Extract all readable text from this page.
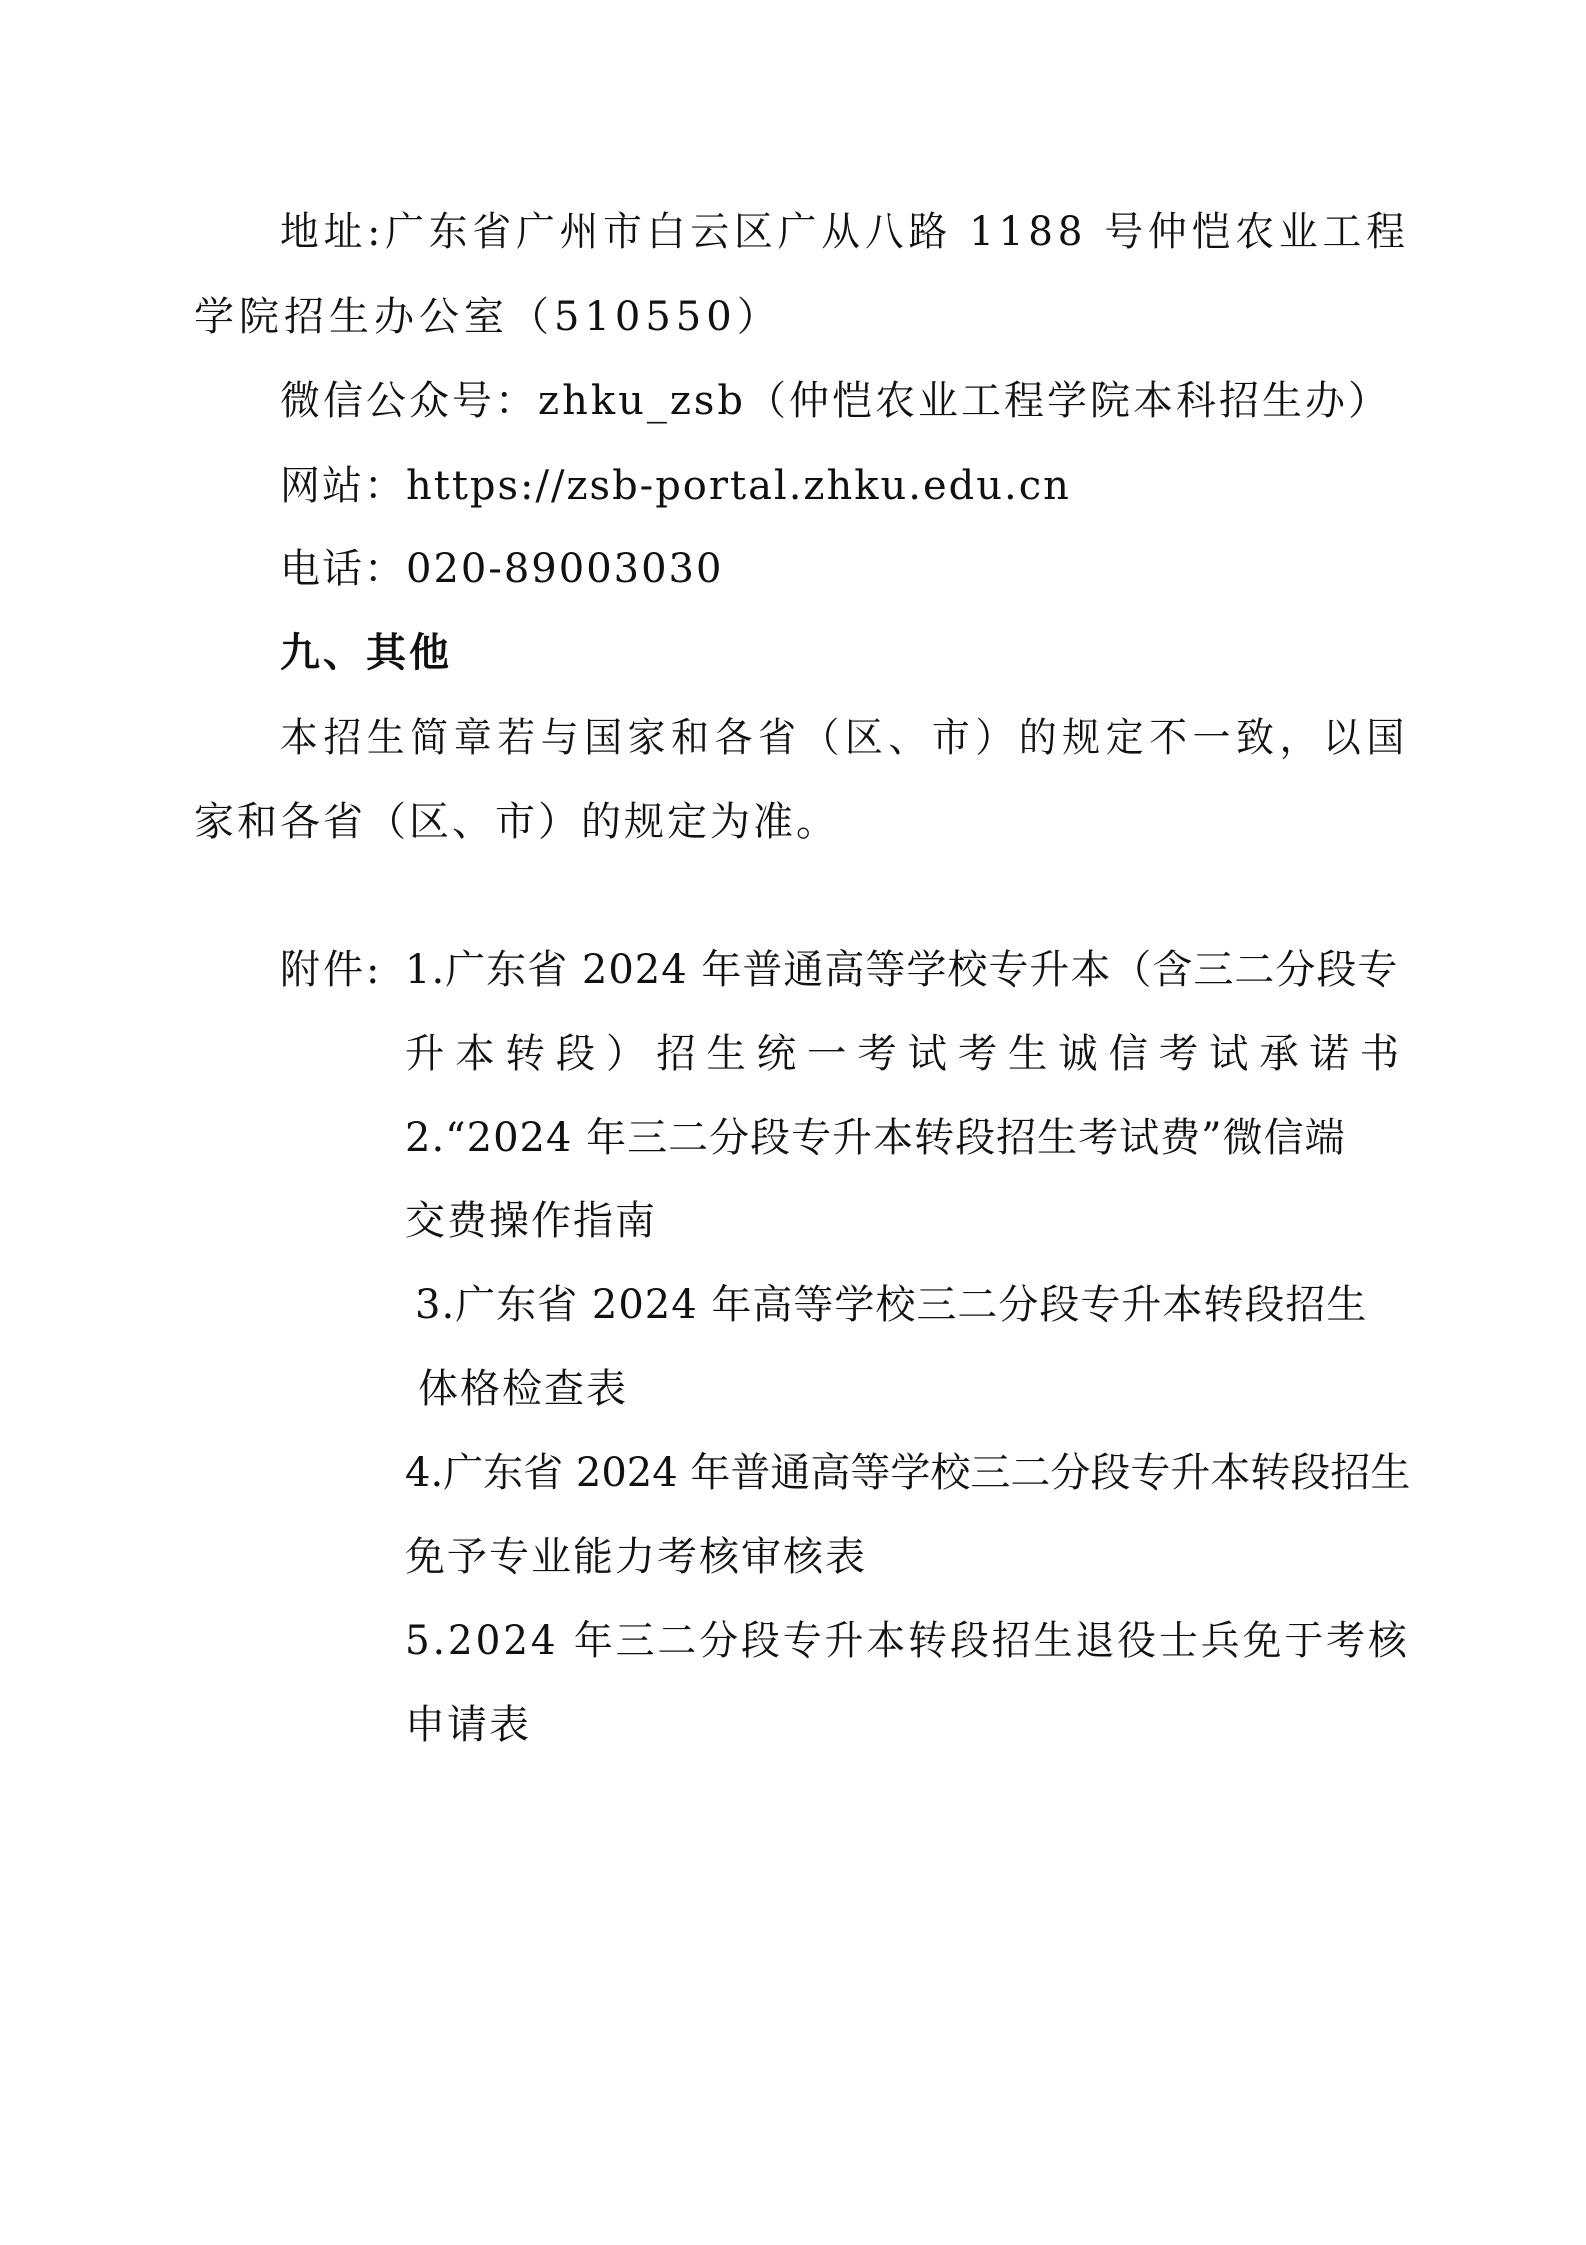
地址:广东省广州市白云区广从八路 1188 号仲恺农业工程
学院招生办公室（510550）
微信公众号：zhku_zsb（仲恺农业工程学院本科招生办）
网站：https://zsb-portal.zhku.edu.cn
电话：020-89003030
九、其他
本招生简章若与国家和各省（区、市）的规定不一致，以国
家和各省（区、市）的规定为准。
附件: 1.广东省 2024 年普通高等学校专升本（含三二分段专
升本转段）招生统一考试考生诚信考试承诺书
2.“2024 年三二分段专升本转段招生考试费”微信端
交费操作指南
3.广东省 2024 年高等学校三二分段专升本转段招生
体格检查表
4.广东省 2024 年普通高等学校三二分段专升本转段招生
免予专业能力考核审核表
5.2024 年三二分段专升本转段招生退役士兵免于考核
申请表
